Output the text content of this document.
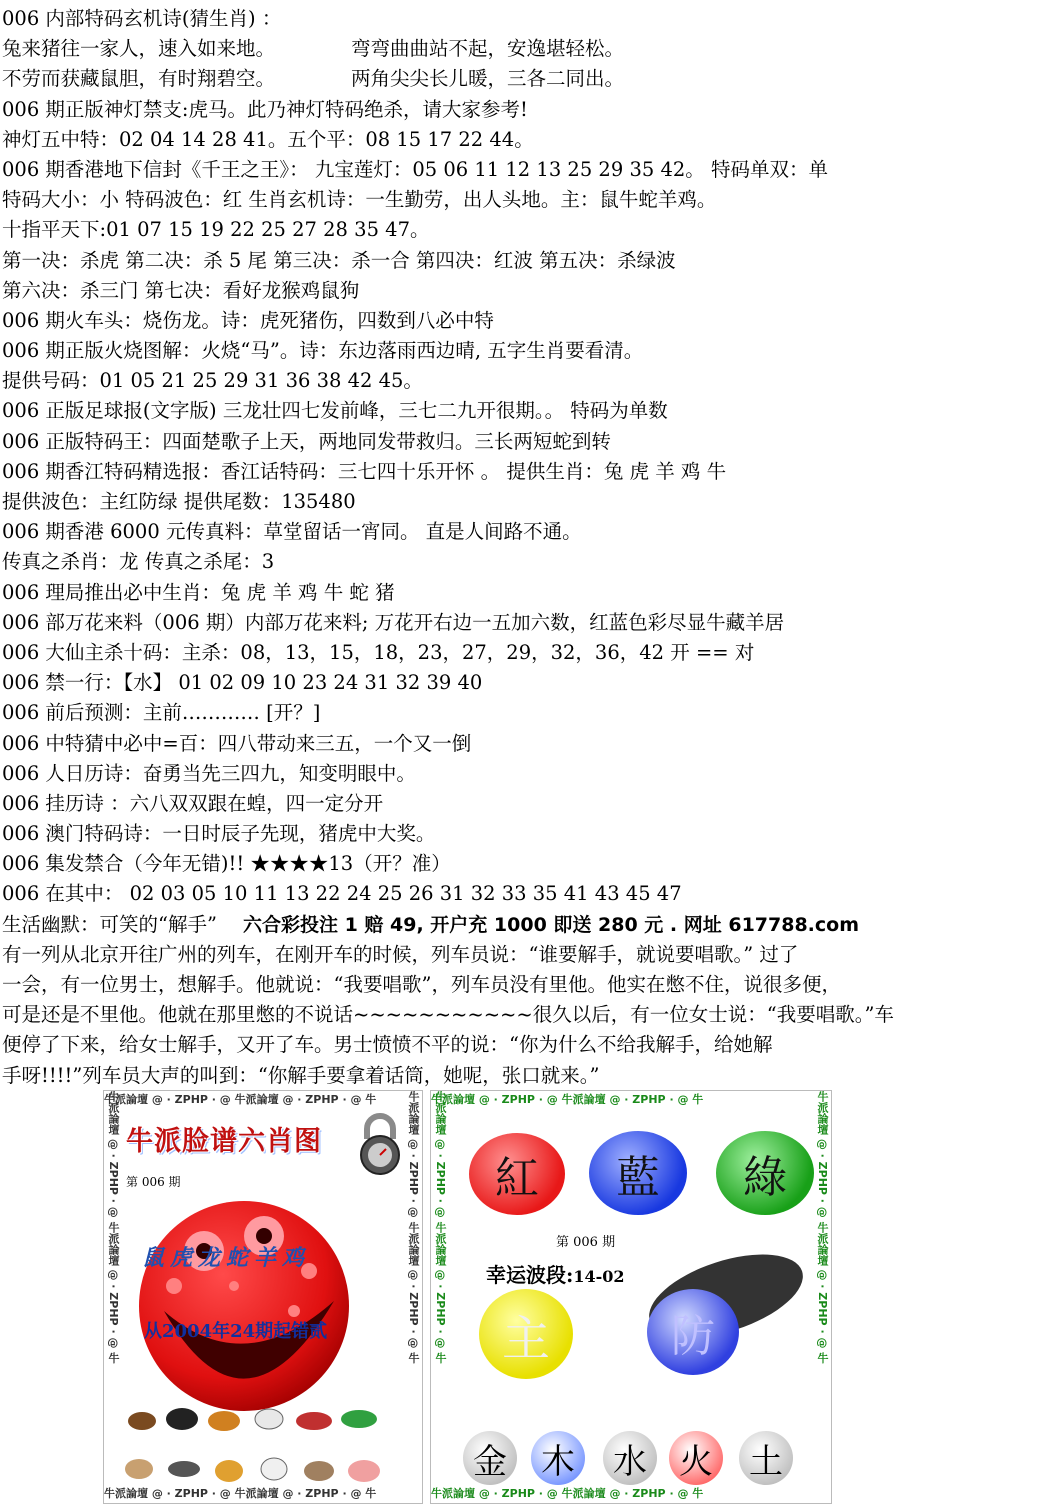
006 内部特码玄机诗(猜生肖) ：
兔来猪往一家人，速入如来地。	弯弯曲曲站不起，安逸堪轻松。
不劳而获藏鼠胆，有时翔碧空。	两角尖尖长儿暖，三各二同出。
006 期正版神灯禁支:虎马。此乃神灯特码绝杀，请大家参考!
神灯五中特：02 04 14 28 41。五个平：08 15 17 22 44。
006 期香港地下信封《千王之王》： 九宝莲灯：05 06 11 12 13 25 29 35 42。 特码单双：单
特码大小：小 特码波色：红 生肖玄机诗：一生勤劳，出人头地。主：鼠牛蛇羊鸡。
十指平天下:01 07 15 19 22 25 27 28 35 47。
第一决：杀虎 第二决：杀 5 尾 第三决：杀一合 第四决：红波 第五决：杀绿波
第六决：杀三门 第七决：看好龙猴鸡鼠狗
006 期火车头：烧伤龙。诗：虎死猪伤，四数到八必中特
006 期正版火烧图解：火烧“马”。诗：东边落雨西边晴, 五字生肖要看清。
提供号码：01 05 21 25 29 31 36 38 42 45。
006 正版足球报(文字版) 三龙壮四七发前峰，三七二九开很期。。 特码为单数
006 正版特码王：四面楚歌子上天，两地同发带救归。三长两短蛇到转
006 期香江特码精选报：香江话特码：三七四十乐开怀 。 提供生肖：兔 虎 羊 鸡 牛
提供波色：主红防绿 提供尾数：135480
006 期香港 6000 元传真料：草堂留话一宵同。 直是人间路不通。
传真之杀肖：龙 传真之杀尾：3
006 理局推出必中生肖：兔 虎 羊 鸡 牛 蛇 猪
006 部万花来料（006 期）内部万花来料; 万花开右边一五加六数，红蓝色彩尽显牛藏羊居
006 大仙主杀十码：主杀：08，13，15，18，23，27，29，32，36，42 开 == 对
006 禁一行：【水】 01 02 09 10 23 24 31 32 39 40
006 前后预测：主前………… [开？]
006 中特猜中必中=百：四八带动来三五，一个又一倒
006 人日历诗：奋勇当先三四九，知变明眼中。
006 挂历诗 ：六八双双跟在蝗，四一定分开
006 澳门特码诗：一日时辰子先现，猪虎中大奖。
006 集发禁合（今年无错)!! ★★★★13（开？准）
006 在其中： 02 03 05 10 11 13 22 24 25 26 31 32 33 35 41 43 45 47
生活幽默：可笑的“解手” 六合彩投注 1 赔 49, 开户充 1000 即送 280 元 . 网址 617788.com
有一列从北京开往广州的列车，在刚开车的时候，列车员说：“谁要解手，就说要唱歌。” 过了
一会，有一位男士，想解手。他就说：“我要唱歌”，列车员没有里他。他实在憋不住，说很多便，
可是还是不里他。他就在那里憋的不说话~~~~~~~~~~~很久以后，有一位女士说：“我要唱歌。”车
便停了下来，给女士解手，又开了车。男士愤愤不平的说：“你为什么不给我解手，给她解
手呀!!!!”列车员大声的叫到：“你解手要拿着话筒，她呢，张口就来。”
牛派論壇 @ · ZPHP · @ 牛派論壇 @ · ZPHP · @ 牛
牛派論壇 @ · ZPHP · @ 牛派論壇 @ · ZPHP · @ 牛
牛派論壇 @ · ZPHP · @ 牛派論壇 @ · ZPHP · @ 牛	牛派論壇 @ · ZPHP · @ 牛派論壇 @ · ZPHP · @ 牛
牛派脸谱六肖图
第 006 期
鼠虎龙蛇羊鸡
从2004年24期起错贰
牛派論壇 @ · ZPHP · @ 牛派論壇 @ · ZPHP · @ 牛
牛派論壇 @ · ZPHP · @ 牛派論壇 @ · ZPHP · @ 牛
牛派論壇 @ · ZPHP · @ 牛派論壇 @ · ZPHP · @ 牛	牛派論壇 @ · ZPHP · @ 牛派論壇 @ · ZPHP · @ 牛
紅 藍 綠
第 006 期
幸运波段:14-02
主	防
金 木 水 火 土
